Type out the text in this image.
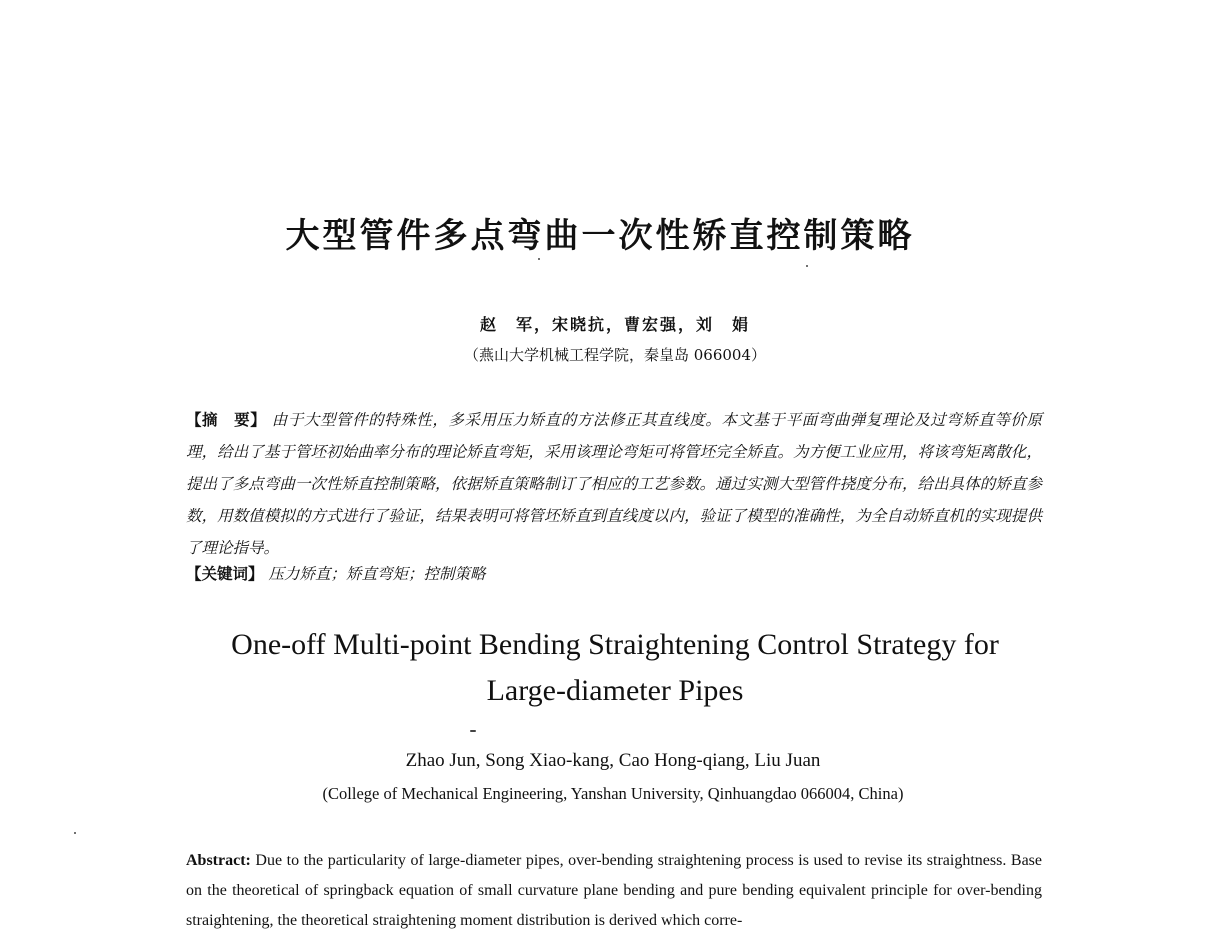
大型管件多点弯曲一次性矫直控制策略
赵　军，宋晓抗，曹宏强，刘　娟
（燕山大学机械工程学院，秦皇岛 066004）
【摘　要】 由于大型管件的特殊性，多采用压力矫直的方法修正其直线度。本文基于平面弯曲弹复理论及过弯矫直等价原理，给出了基于管坯初始曲率分布的理论矫直弯矩，采用该理论弯矩可将管坯完全矫直。为方便工业应用，将该弯矩离散化，提出了多点弯曲一次性矫直控制策略，依据矫直策略制订了相应的工艺参数。通过实测大型管件挠度分布，给出具体的矫直参数，用数值模拟的方式进行了验证，结果表明可将管坯矫直到直线度以内，验证了模型的准确性，为全自动矫直机的实现提供了理论指导。
【关键词】 压力矫直；矫直弯矩；控制策略
One-off Multi-point Bending Straightening Control Strategy for Large-diameter Pipes
Zhao Jun, Song Xiao-kang, Cao Hong-qiang, Liu Juan
(College of Mechanical Engineering, Yanshan University, Qinhuangdao 066004, China)
Abstract: Due to the particularity of large-diameter pipes, over-bending straightening process is used to revise its straightness. Base on the theoretical of springback equation of small curvature plane bending and pure bending equivalent principle for over-bending straightening, the theoretical straightening moment distribution is derived which corre-
